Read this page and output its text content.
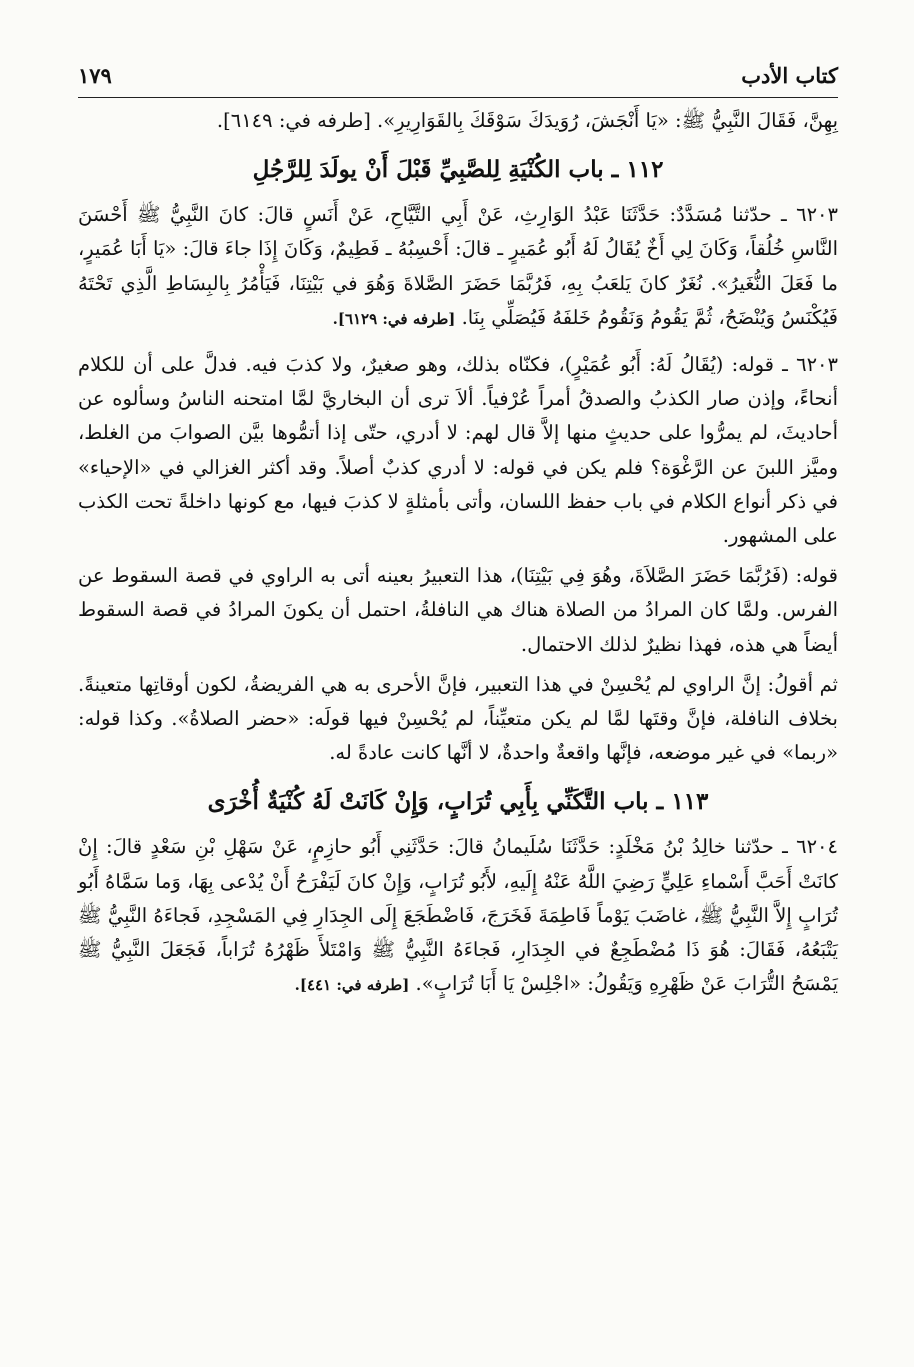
كتاب الأدب
١٧٩

بِهِنَّ، فَقَالَ النَّبِيُّ ﷺ: «يَا أَنْجَشَ، رُوَيدَكَ سَوْقَكَ بِالقَوَارِيرِ». [طرفه في: ٦١٤٩].

١١٢ ـ باب الكُنْيَةِ لِلصَّبِيِّ قَبْلَ أَنْ يولَدَ لِلرَّجُلِ

٦٢٠٣ ـ حدّثنا مُسَدَّدٌ: حَدَّثَنَا عَبْدُ الوَارِثِ، عَنْ أَبِي التَّيَّاحِ، عَنْ أَنَسٍ قالَ: كانَ النَّبِيُّ ﷺ أَحْسَنَ النَّاسِ خُلُقاً، وَكَانَ لِي أَخٌ يُقَالُ لَهُ أَبُو عُمَيرٍ ـ قالَ: أَحْسِبُهُ ـ فَطِيمٌ، وَكَانَ إِذَا جاءَ قالَ: «يَا أَبَا عُمَيرٍ، ما فَعَلَ النُّغَيرُ». نُغَرٌ كانَ يَلعَبُ بِهِ، فَرُبَّمَا حَضَرَ الصَّلاةَ وَهُوَ في بَيْتِنَا، فَيَأْمُرُ بِالبِسَاطِ الَّذِي تَحْتَهُ فَيُكْنَسُ وَيُنْضَحُ، ثُمَّ يَقُومُ وَنَقُومُ خَلفَهُ فَيُصَلِّي بِنَا. [طرفه في: ٦١٢٩].

٦٢٠٣ ـ قوله: (يُقَالُ لَهُ: أَبُو عُمَيْرٍ)، فكنّاه بذلك، وهو صغيرٌ، ولا كذبَ فيه. فدلَّ على أن للكلام أنحاءً، وإذن صار الكذبُ والصدقُ أمراً عُرْفياً. ألاَ ترى أن البخاريَّ لمَّا امتحنه الناسُ وسألوه عن أحاديثَ، لم يمرُّوا على حديثٍ منها إلاَّ قال لهم: لا أدري، حتّى إذا أتمُّوها بيَّن الصوابَ من الغلط، وميَّز اللبنَ عن الرَّغْوَة؟ فلم يكن في قوله: لا أدري كذبٌ أصلاً. وقد أكثر الغزالي في «الإحياء» في ذكر أنواع الكلام في باب حفظ اللسان، وأتى بأمثلةٍ لا كذبَ فيها، مع كونها داخلةً تحت الكذب على المشهور.

قوله: (فَرُبَّمَا حَضَرَ الصَّلاَةَ، وهُوَ فِي بَيْتِنَا)، هذا التعبيرُ بعينه أتى به الراوي في قصة السقوط عن الفرس. ولمَّا كان المرادُ من الصلاة هناك هي النافلةُ، احتمل أن يكونَ المرادُ في قصة السقوط أيضاً هي هذه، فهذا نظيرٌ لذلك الاحتمال.

ثم أقولُ: إنَّ الراوي لم يُحْسِنْ في هذا التعبير، فإنَّ الأحرى به هي الفريضةُ، لكون أوقاتِها متعينةً. بخلاف النافلة، فإنَّ وقتَها لمَّا لم يكن متعيِّناً، لم يُحْسِنْ فيها قولَه: «حضر الصلاةُ». وكذا قوله: «ربما» في غير موضعه، فإنَّها واقعةٌ واحدةٌ، لا أنَّها كانت عادةً له.

١١٣ ـ باب التَّكَنِّي بِأَبِي تُرَابٍ، وَإِنْ كَانَتْ لَهُ كُنْيَةٌ أُخْرَى

٦٢٠٤ ـ حدّثنا خالِدُ بْنُ مَخْلَدٍ: حَدَّثَنَا سُلَيمانُ قالَ: حَدَّثَنِي أَبُو حازِمٍ، عَنْ سَهْلِ بْنِ سَعْدٍ قالَ: إِنْ كانَتْ أَحَبَّ أَسْماءِ عَلِيٍّ رَضِيَ اللَّهُ عَنْهُ إِلَيهِ، لأَبُو تُرَابٍ، وَإِنْ كانَ لَيَفْرَحُ أَنْ يُدْعى بِهَا، وَما سَمَّاهُ أَبُو تُرَابٍ إِلاَّ النَّبِيُّ ﷺ، غاضَبَ يَوْماً فَاطِمَةَ فَخَرَجَ، فَاضْطَجَعَ إِلَى الجِدَارِ فِي المَسْجِدِ، فَجاءَهُ النَّبِيُّ ﷺ يَتْبَعُهُ، فَقَالَ: هُوَ ذَا مُضْطَجِعٌ في الجِدَارِ، فَجاءَهُ النَّبِيُّ ﷺ وَامْتَلأَ ظَهْرُهُ تُرَاباً، فَجَعَلَ النَّبِيُّ ﷺ يَمْسَحُ التُّرَابَ عَنْ ظَهْرِهِ وَيَقُولُ: «اجْلِسْ يَا أَبَا تُرَابٍ». [طرفه في: ٤٤١].
